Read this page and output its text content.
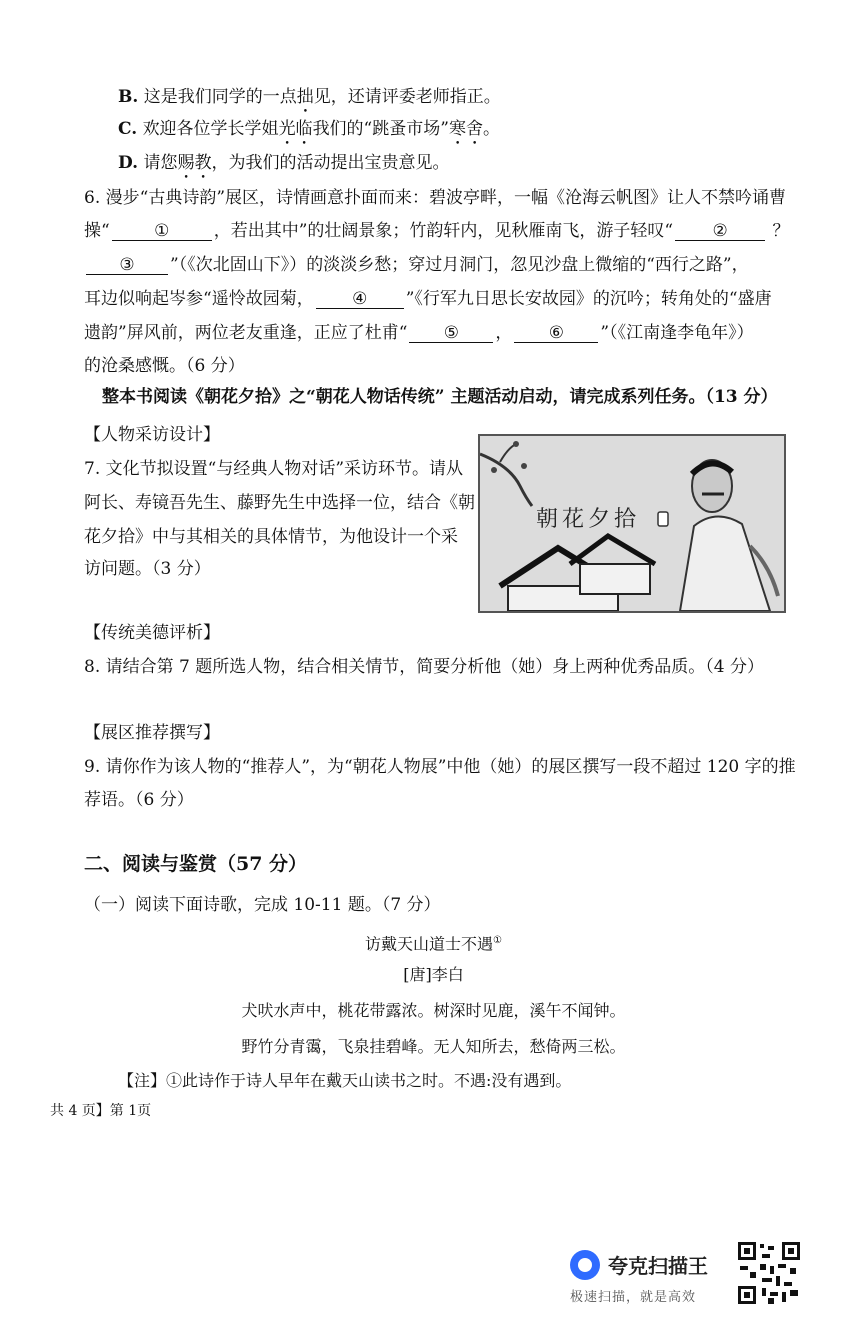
B. 这是我们同学的一点拙见，还请评委老师指正。
C. 欢迎各位学长学姐光临我们的“跳蚤市场”寒舍。
D. 请您赐教，为我们的活动提出宝贵意见。
6. 漫步“古典诗韵”展区，诗情画意扑面而来：碧波亭畔，一幅《沧海云帆图》让人不禁吟诵曹
操“	①	，若出其中”的壮阔景象；竹韵轩内，见秋雁南飞，游子轻叹“ ②	？
③ ”（《次北固山下》）的淡淡乡愁；穿过月洞门，忽见沙盘上微缩的“西行之路”，
耳边似响起岑参“遥怜故园菊， ④ ”《行军九日思长安故园》的沉吟；转角处的“盛唐
遗韵”屏风前，两位老友重逢，正应了杜甫“ ⑤ ， ⑥ ”（《江南逢李龟年》）
的沧桑感慨。（6 分）
整本书阅读《朝花夕拾》之“朝花人物话传统” 主题活动启动，请完成系列任务。（13 分）
【人物采访设计】
7. 文化节拟设置“与经典人物对话”采访环节。请从
阿长、寿镜吾先生、藤野先生中选择一位，结合《朝
花夕拾》中与其相关的具体情节，为他设计一个采
访问题。（3 分）
朝花夕拾
【传统美德评析】
8. 请结合第 7 题所选人物，结合相关情节，简要分析他（她）身上两种优秀品质。（4 分）
【展区推荐撰写】
9. 请你作为该人物的“推荐人”，为“朝花人物展”中他（她）的展区撰写一段不超过 120 字的推
荐语。（6 分）
二、阅读与鉴赏（57 分）
（一）阅读下面诗歌，完成 10-11 题。（7 分）
访戴天山道士不遇①
[唐]李白
犬吠水声中，桃花带露浓。树深时见鹿，溪午不闻钟。
野竹分青霭，飞泉挂碧峰。无人知所去，愁倚两三松。
【注】①此诗作于诗人早年在戴天山读书之时。不遇:没有遇到。
共 4 页】第 1页
夸克扫描王
极速扫描，就是高效
